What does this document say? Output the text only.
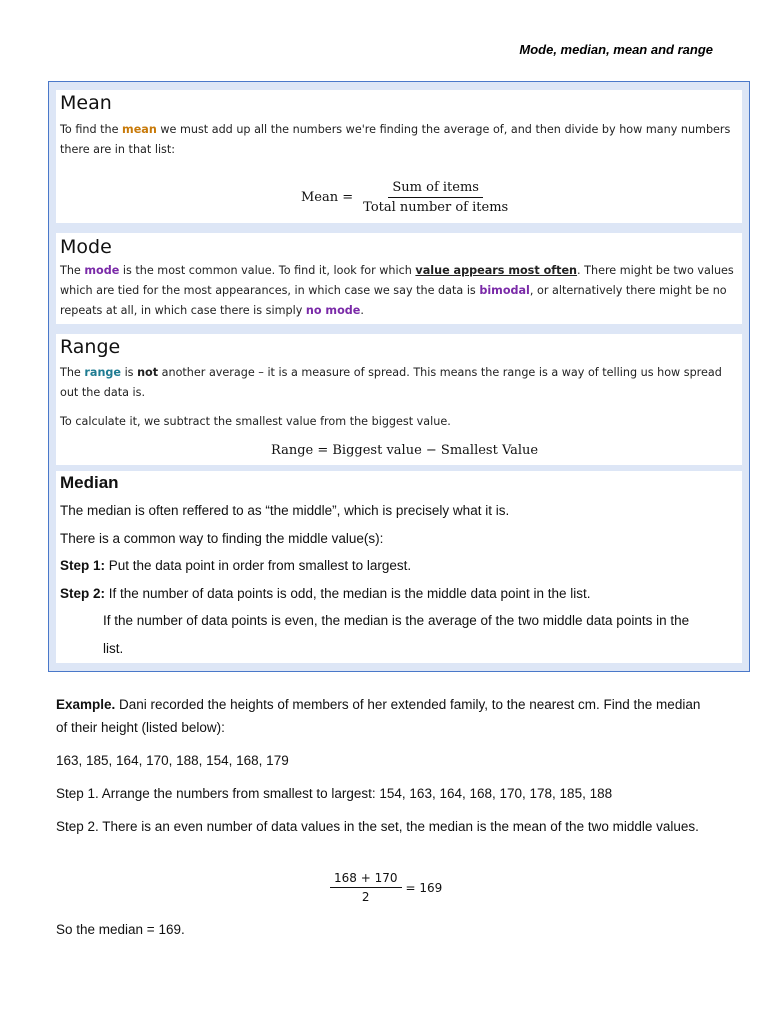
Mode, median, mean and range
Mean

To find the mean we must add up all the numbers we're finding the average of, and then divide by how many numbers there are in that list:

Mean = $\frac{\text{Sum of items}}{\text{Total number of items}}$
Mode

The mode is the most common value. To find it, look for which value appears most often. There might be two values which are tied for the most appearances, in which case we say the data is bimodal, or alternatively there might be no repeats at all, in which case there is simply no mode.

Range

The range is not another average – it is a measure of spread. This means the range is a way of telling us how spread out the data is.

To calculate it, we subtract the smallest value from the biggest value.

Range = Biggest value − Smallest Value
Median

The median is often reffered to as “the middle”, which is precisely what it is.

There is a common way to finding the middle value(s):

Step 1: Put the data point in order from smallest to largest.

Step 2: If the number of data points is odd, the median is the middle data point in the list.

If the number of data points is even, the median is the average of the two middle data points in the list.

Example. Dani recorded the heights of members of her extended family, to the nearest cm. Find the median of their height (listed below):

163, 185, 164, 170, 188, 154, 168, 179

Step 1. Arrange the numbers from smallest to largest: 154, 163, 164, 168, 170, 178, 185, 188

Step 2. There is an even number of data values in the set, the median is the mean of the two middle values.

$\frac{168 + 170}{2} = 169$

So the median = 169.
